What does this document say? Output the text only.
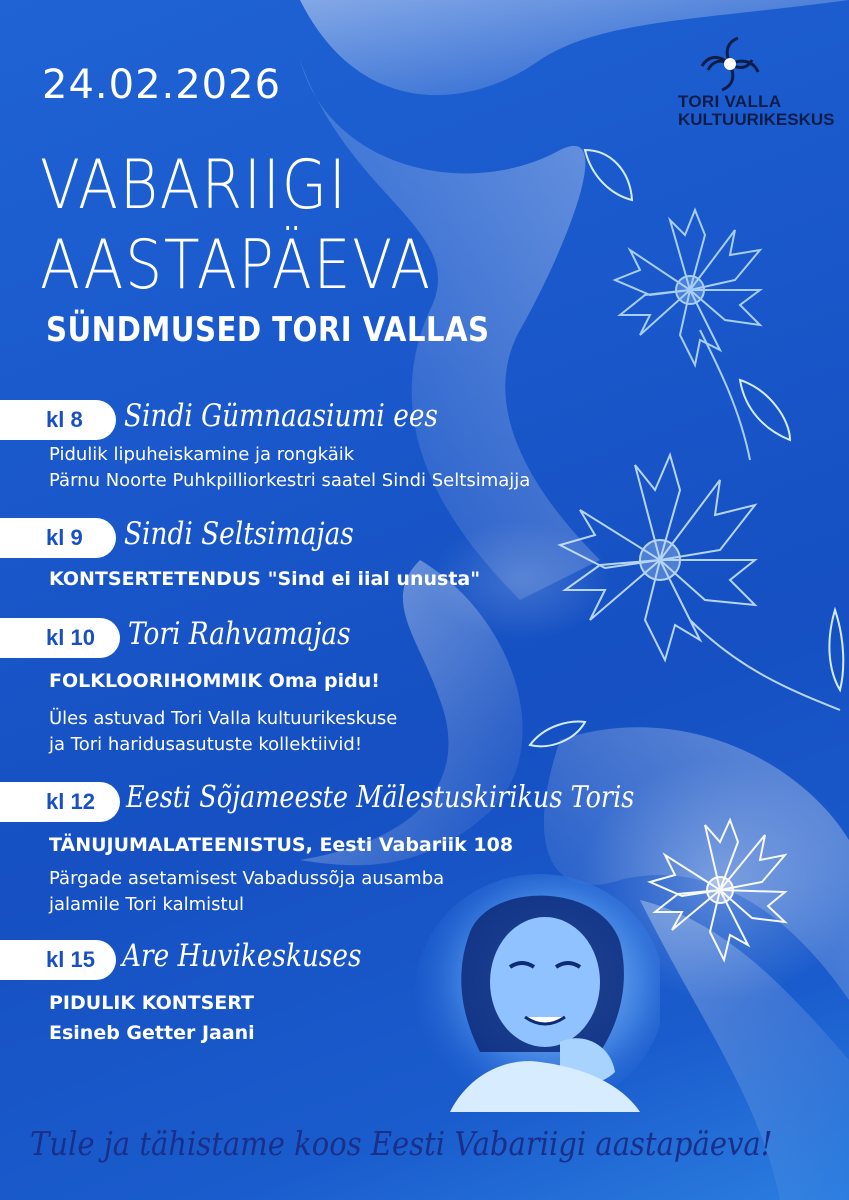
24.02.2026	TORI VALLA
KULTUURIKESKUS
VABARIIGI
AASTAPÄEVA
SÜNDMUSED TORI VALLAS
kl 8	Sindi Gümnaasiumi ees
Pidulik lipuheiskamine ja rongkäik
Pärnu Noorte Puhkpilliorkestri saatel Sindi Seltsimajja
kl 9	Sindi Seltsimajas
KONTSERTETENDUS "Sind ei iial unusta"
kl 10	Tori Rahvamajas
FOLKLOORIHOMMIK Oma pidu!
Üles astuvad Tori Valla kultuurikeskuse
ja Tori haridusasutuste kollektiivid!
kl 12	Eesti Sõjameeste Mälestuskirikus Toris
TÄNUJUMALATEENISTUS, Eesti Vabariik 108
Pärgade asetamisest Vabadussõja ausamba
jalamile Tori kalmistul
kl 15 Are Huvikeskuses
PIDULIK KONTSERT
Esineb Getter Jaani
Tule ja tähistame koos Eesti Vabariigi aastapäeva!
